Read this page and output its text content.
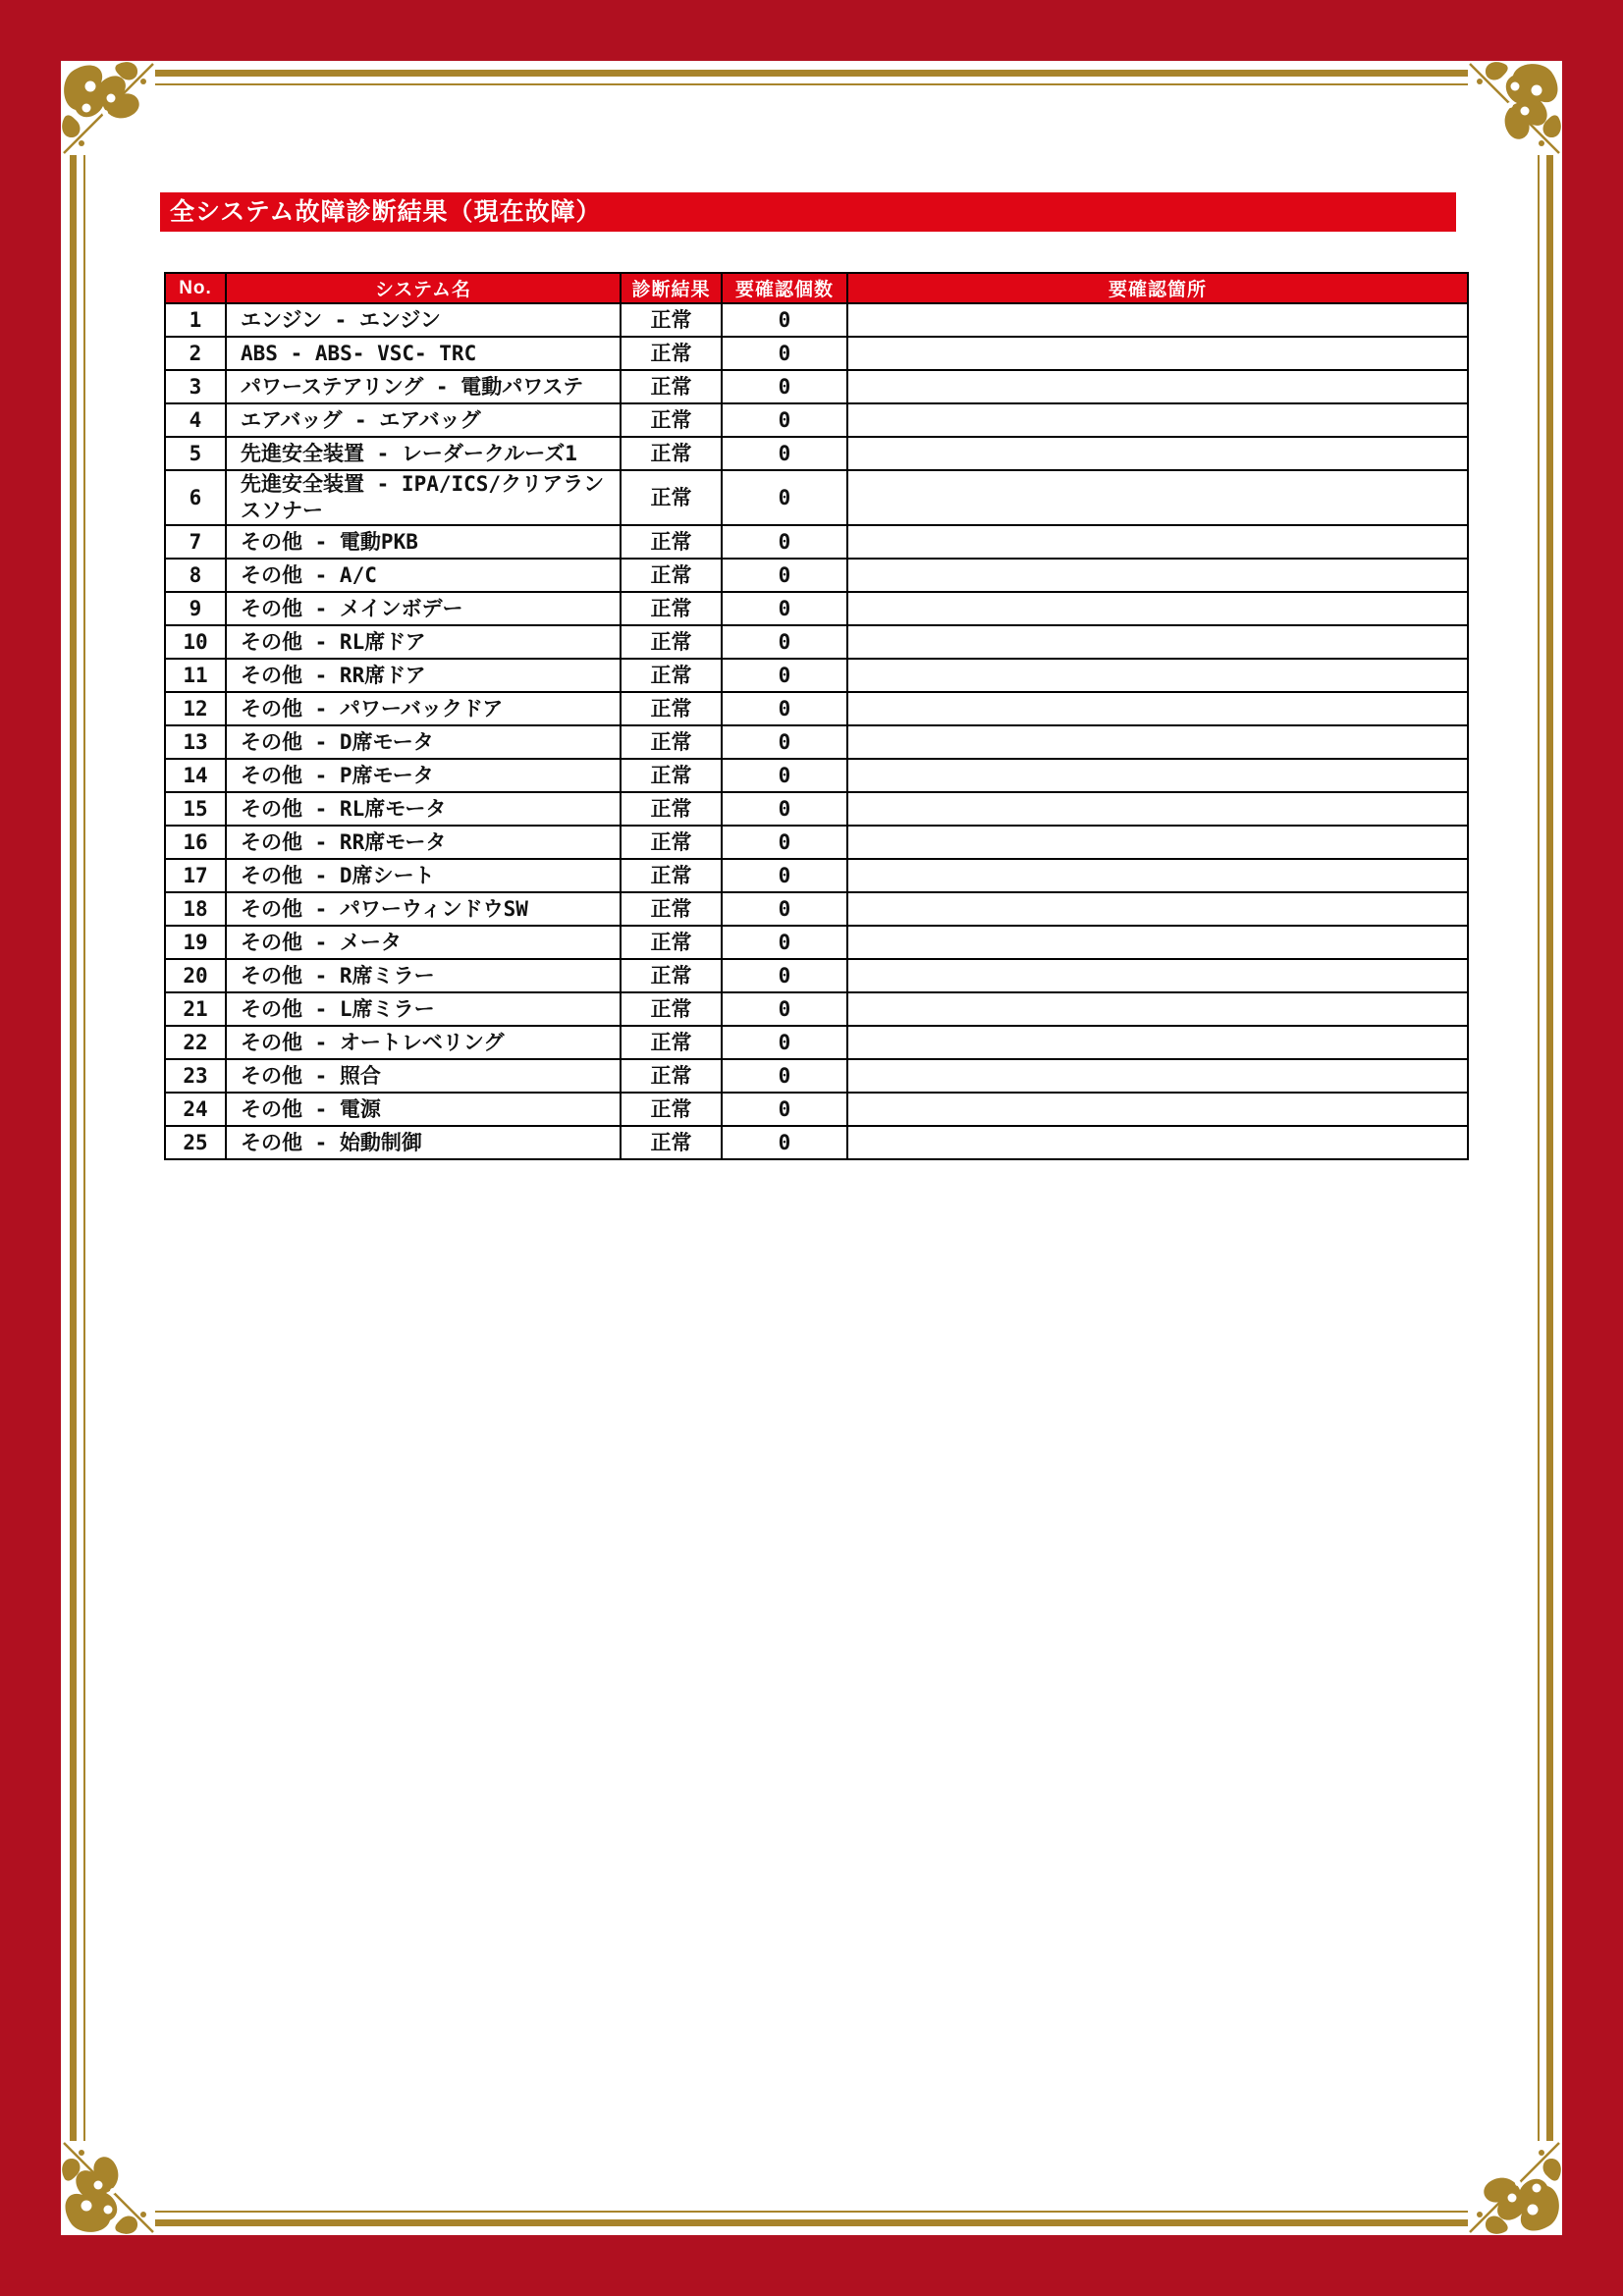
全システム故障診断結果（現在故障）
No.	システム名	診断結果	要確認個数	要確認箇所
1	エンジン - エンジン	正常	0	
2	ABS - ABS- VSC- TRC	正常	0	
3	パワーステアリング - 電動パワステ	正常	0	
4	エアバッグ - エアバッグ	正常	0	
5	先進安全装置 - レーダークルーズ1	正常	0	
6	先進安全装置 - IPA/ICS/クリアランスソナー	正常	0	
7	その他 - 電動PKB	正常	0	
8	その他 - A/C	正常	0	
9	その他 - メインボデー	正常	0	
10	その他 - RL席ドア	正常	0	
11	その他 - RR席ドア	正常	0	
12	その他 - パワーバックドア	正常	0	
13	その他 - D席モータ	正常	0	
14	その他 - P席モータ	正常	0	
15	その他 - RL席モータ	正常	0	
16	その他 - RR席モータ	正常	0	
17	その他 - D席シート	正常	0	
18	その他 - パワーウィンドウSW	正常	0	
19	その他 - メータ	正常	0	
20	その他 - R席ミラー	正常	0	
21	その他 - L席ミラー	正常	0	
22	その他 - オートレベリング	正常	0	
23	その他 - 照合	正常	0	
24	その他 - 電源	正常	0	
25	その他 - 始動制御	正常	0	
